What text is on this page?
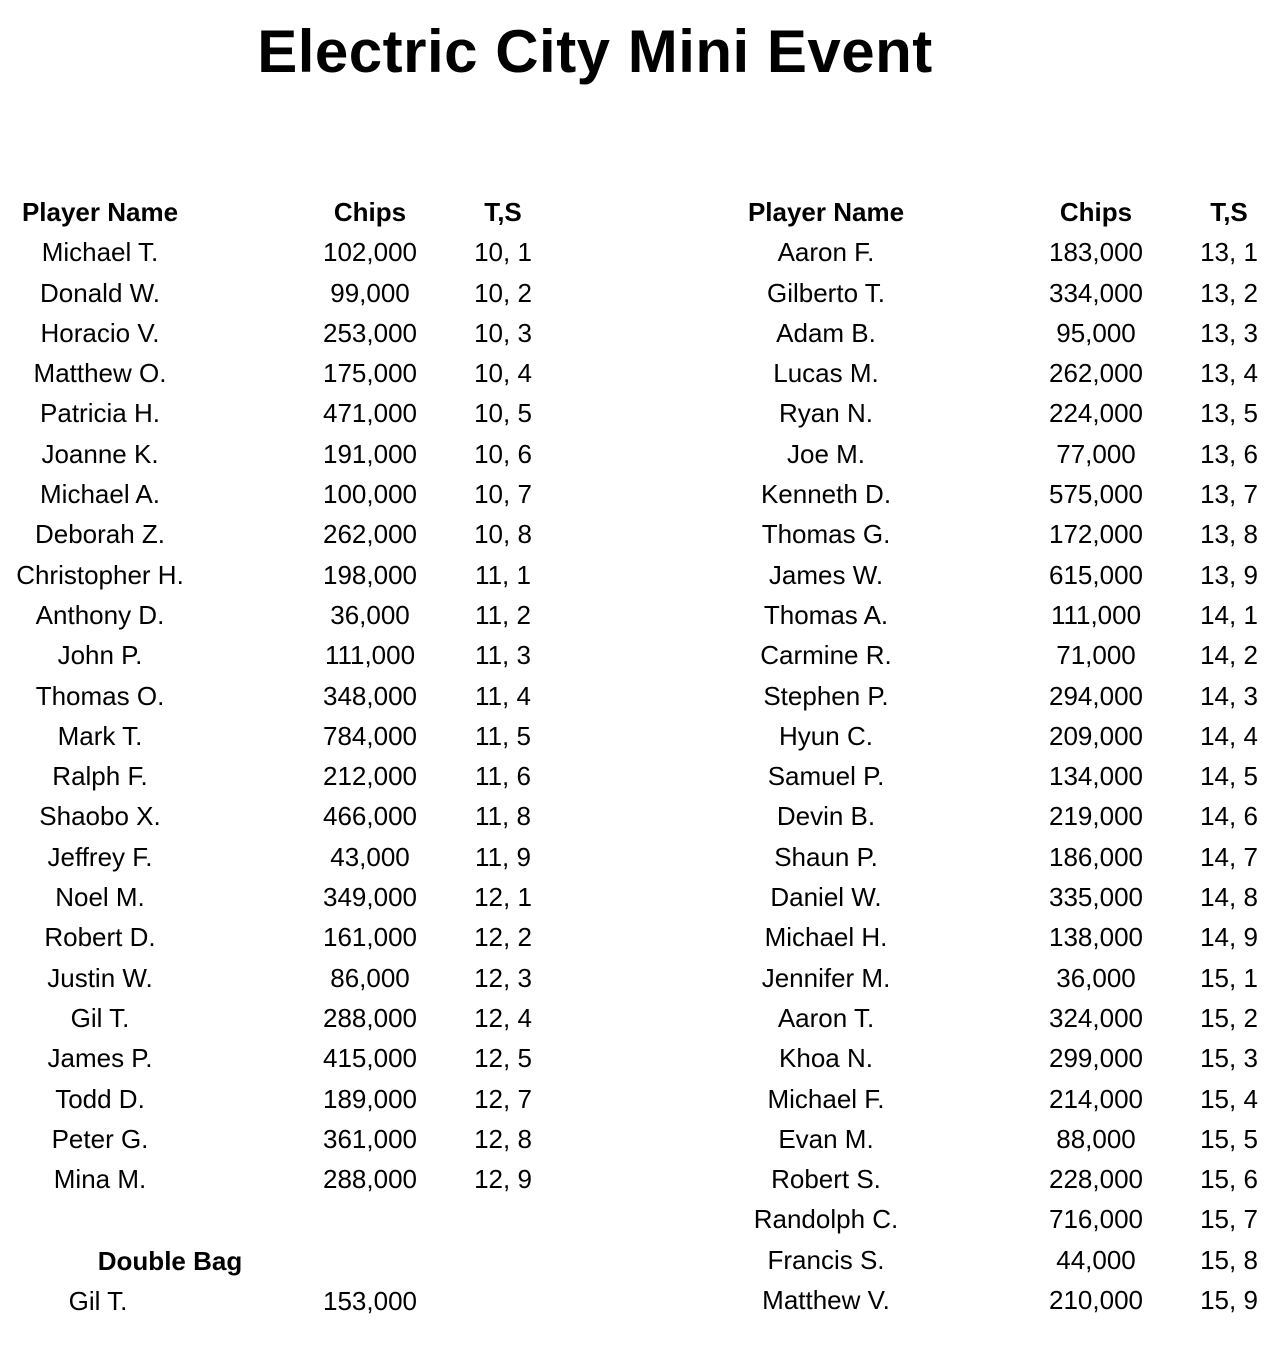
Electric City Mini Event
Player Name	Chips	T,S
Michael T.	102,000	10, 1
Donald W.	99,000	10, 2
Horacio V.	253,000	10, 3
Matthew O.	175,000	10, 4
Patricia H.	471,000	10, 5
Joanne K.	191,000	10, 6
Michael A.	100,000	10, 7
Deborah Z.	262,000	10, 8
Christopher H.	198,000	11, 1
Anthony D.	36,000	11, 2
John P.	111,000	11, 3
Thomas O.	348,000	11, 4
Mark T.	784,000	11, 5
Ralph F.	212,000	11, 6
Shaobo X.	466,000	11, 8
Jeffrey F.	43,000	11, 9
Noel M.	349,000	12, 1
Robert D.	161,000	12, 2
Justin W.	86,000	12, 3
Gil T.	288,000	12, 4
James P.	415,000	12, 5
Todd D.	189,000	12, 7
Peter G.	361,000	12, 8
Mina M.	288,000	12, 9
Player Name	Chips	T,S
Aaron F.	183,000	13, 1
Gilberto T.	334,000	13, 2
Adam B.	95,000	13, 3
Lucas M.	262,000	13, 4
Ryan N.	224,000	13, 5
Joe M.	77,000	13, 6
Kenneth D.	575,000	13, 7
Thomas G.	172,000	13, 8
James W.	615,000	13, 9
Thomas A.	111,000	14, 1
Carmine R.	71,000	14, 2
Stephen P.	294,000	14, 3
Hyun C.	209,000	14, 4
Samuel P.	134,000	14, 5
Devin B.	219,000	14, 6
Shaun P.	186,000	14, 7
Daniel W.	335,000	14, 8
Michael H.	138,000	14, 9
Jennifer M.	36,000	15, 1
Aaron T.	324,000	15, 2
Khoa N.	299,000	15, 3
Michael F.	214,000	15, 4
Evan M.	88,000	15, 5
Robert S.	228,000	15, 6
Randolph C.	716,000	15, 7
Francis S.	44,000	15, 8
Matthew V.	210,000	15, 9
Double Bag
Gil T.	153,000
